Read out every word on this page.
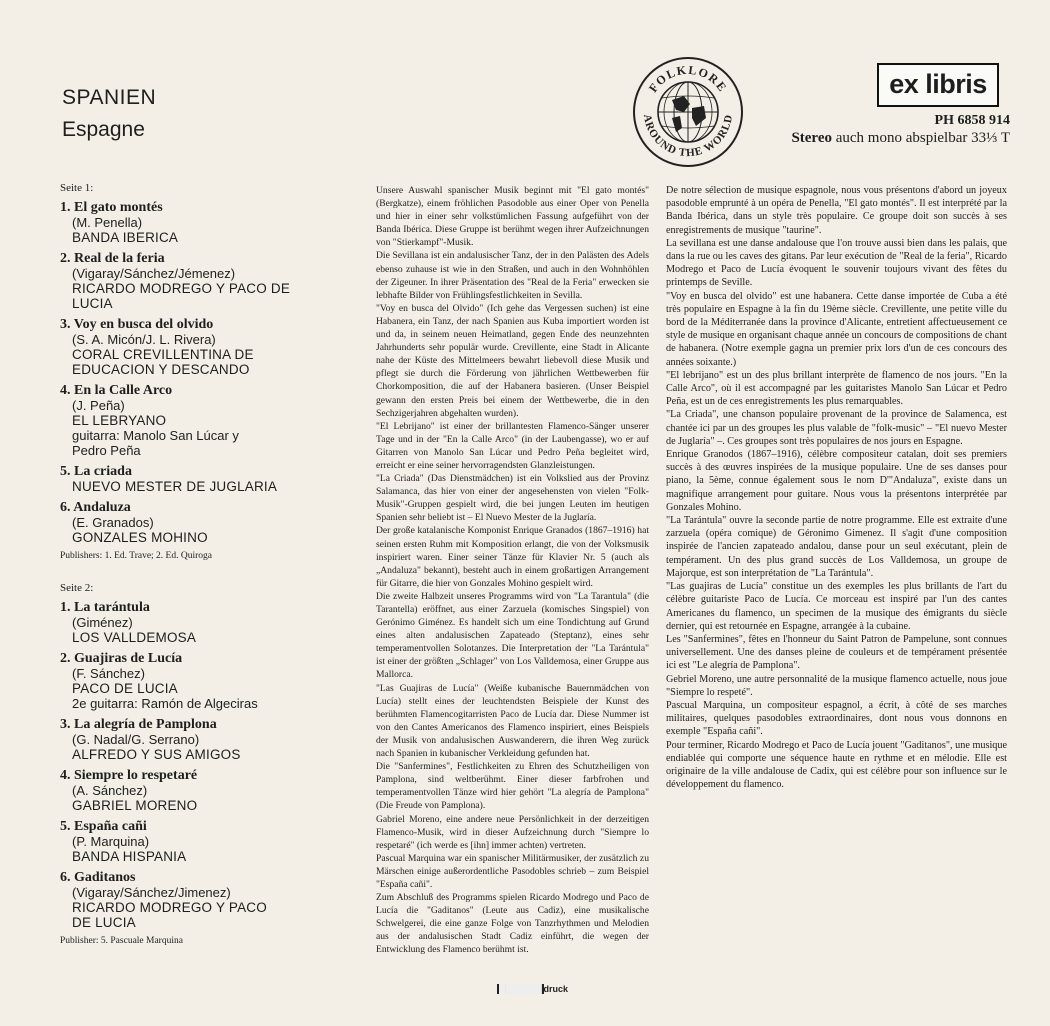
SPANIEN
Espagne
FOLKLORE
AROUND THE WORLD
ex libris
PH 6858 914
Stereo auch mono abspielbar 33⅓ T
Seite 1:
1. El gato montés
(M. Penella)
BANDA IBERICA
2. Real de la feria
(Vigaray/Sánchez/Jémenez)
RICARDO MODREGO Y PACO DE
LUCIA
3. Voy en busca del olvido
(S. A. Micón/J. L. Rivera)
CORAL CREVILLENTINA DE
EDUCACION Y DESCANDO
4. En la Calle Arco
(J. Peña)
EL LEBRYANO
guitarra: Manolo San Lúcar y
Pedro Peña
5. La criada
NUEVO MESTER DE JUGLARIA
6. Andaluza
(E. Granados)
GONZALES MOHINO
Publishers: 1. Ed. Trave; 2. Ed. Quiroga
Seite 2:
1. La tarántula
(Giménez)
LOS VALLDEMOSA
2. Guajiras de Lucía
(F. Sánchez)
PACO DE LUCIA
2e guitarra: Ramón de Algeciras
3. La alegría de Pamplona
(G. Nadal/G. Serrano)
ALFREDO Y SUS AMIGOS
4. Siempre lo respetaré
(A. Sánchez)
GABRIEL MORENO
5. España cañi
(P. Marquina)
BANDA HISPANIA
6. Gaditanos
(Vigaray/Sánchez/Jimenez)
RICARDO MODREGO Y PACO
DE LUCIA
Publisher: 5. Pascuale Marquina

Unsere Auswahl spanischer Musik beginnt mit "El gato montés" (Bergkatze), einem fröhlichen Pasodoble aus einer Oper von Penella und hier in einer sehr volkstümlichen Fassung aufgeführt von der Banda Ibérica. Diese Gruppe ist berühmt wegen ihrer Aufzeichnungen von "Stierkampf"-Musik.

Die Sevillana ist ein andalusischer Tanz, der in den Palästen des Adels ebenso zuhause ist wie in den Straßen, und auch in den Wohnhöhlen der Zigeuner. In ihrer Präsentation des "Real de la Feria" erwecken sie lebhafte Bilder von Frühlingsfestlichkeiten in Sevilla.

"Voy en busca del Olvido" (Ich gehe das Vergessen suchen) ist eine Habanera, ein Tanz, der nach Spanien aus Kuba importiert worden ist und da, in seinem neuen Heimatland, gegen Ende des neunzehnten Jahrhunderts sehr populär wurde. Crevillente, eine Stadt in Alicante nahe der Küste des Mittelmeers bewahrt liebevoll diese Musik und pflegt sie durch die Förderung von jährlichen Wettbewerben für Chorkomposition, die auf der Habanera basieren. (Unser Beispiel gewann den ersten Preis bei einem der Wettbewerbe, die in den Sechzigerjahren abgehalten wurden).

"El Lebrijano" ist einer der brillantesten Flamenco-Sänger unserer Tage und in der "En la Calle Arco" (in der Laubengasse), wo er auf Gitarren von Manolo San Lúcar und Pedro Peña begleitet wird, erreicht er eine seiner hervorragendsten Glanzleistungen.

"La Criada" (Das Dienstmädchen) ist ein Volkslied aus der Provinz Salamanca, das hier von einer der angesehensten von vielen "Folk-Musik"-Gruppen gespielt wird, die bei jungen Leuten im heutigen Spanien sehr beliebt ist – El Nuevo Mester de la Juglaría.

Der große katalanische Komponist Enrique Granados (1867–1916) hat seinen ersten Ruhm mit Komposition erlangt, die von der Volksmusik inspiriert waren. Einer seiner Tänze für Klavier Nr. 5 (auch als „Andaluza" bekannt), besteht auch in einem großartigen Arrangement für Gitarre, die hier von Gonzales Mohino gespielt wird.

Die zweite Halbzeit unseres Programms wird von "La Tarantula" (die Tarantella) eröffnet, aus einer Zarzuela (komisches Singspiel) von Gerónimo Giménez. Es handelt sich um eine Tondichtung auf Grund eines alten andalusischen Zapateado (Steptanz), eines sehr temperamentvollen Solotanzes. Die Interpretation der "La Tarántula" ist einer der größten „Schlager" von Los Valldemosa, einer Gruppe aus Mallorca.

"Las Guajiras de Lucía" (Weiße kubanische Bauernmädchen von Lucía) stellt eines der leuchtendsten Beispiele der Kunst des berühmten Flamencogitarristen Paco de Lucía dar. Diese Nummer ist von den Cantes Americanos des Flamenco inspiriert, eines Beispiels der Musik von andalusischen Auswanderern, die ihren Weg zurück nach Spanien in kubanischer Verkleidung gefunden hat.

Die "Sanfermines", Festlichkeiten zu Ehren des Schutzheiligen von Pamplona, sind weltberühmt. Einer dieser farbfrohen und temperamentvollen Tänze wird hier gehört "La alegría de Pamplona" (Die Freude von Pamplona).

Gabriel Moreno, eine andere neue Persönlichkeit in der derzeitigen Flamenco-Musik, wird in dieser Aufzeichnung durch "Siempre lo respetaré" (ich werde es [ihn] immer achten) vertreten.

Pascual Marquina war ein spanischer Militärmusiker, der zusätzlich zu Märschen einige außerordentliche Pasodobles schrieb – zum Beispiel "España cañi".

Zum Abschluß des Programms spielen Ricardo Modrego und Paco de Lucía die "Gaditanos" (Leute aus Cadiz), eine musikalische Schwelgerei, die eine ganze Folge von Tanzrhythmen und Melodien aus der andalusischen Stadt Cadiz einführt, die wegen der Entwicklung des Flamenco berühmt ist.

De notre sélection de musique espagnole, nous vous présentons d'abord un joyeux pasodoble emprunté à un opéra de Penella, "El gato montés". Il est interprété par la Banda Ibérica, dans un style très populaire. Ce groupe doit son succès à ses enregistrements de musique "taurine".

La sevillana est une danse andalouse que l'on trouve aussi bien dans les palais, que dans la rue ou les caves des gitans. Par leur exécution de "Real de la feria", Ricardo Modrego et Paco de Lucía évoquent le souvenir toujours vivant des fêtes du printemps de Seville.

"Voy en busca del olvido" est une habanera. Cette danse importée de Cuba a été très populaire en Espagne à la fin du 19ème siècle. Crevillente, une petite ville du bord de la Méditerranée dans la province d'Alicante, entretient affectueusement ce style de musique en organisant chaque année un concours de compositions de chant de habanera. (Notre exemple gagna un premier prix lors d'un de ces concours des années soixante.)

"El lebrijano" est un des plus brillant interprète de flamenco de nos jours. "En la Calle Arco", où il est accompagné par les guitaristes Manolo San Lúcar et Pedro Peña, est un de ces enregistrements les plus remarquables.

"La Criada", une chanson populaire provenant de la province de Salamenca, est chantée ici par un des groupes les plus valable de "folk-music" – "El nuevo Mester de Juglaría" –. Ces groupes sont très populaires de nos jours en Espagne.

Enrique Granodos (1867–1916), célèbre compositeur catalan, doit ses premiers succès à des œuvres inspirées de la musique populaire. Une de ses danses pour piano, la 5ème, connue également sous le nom D'"Andaluza", existe dans un magnifique arrangement pour guitare. Nous vous la présentons interprétée par Gonzales Mohino.

"La Tarántula" ouvre la seconde partie de notre programme. Elle est extraite d'une zarzuela (opéra comique) de Géronimo Gimenez. Il s'agit d'une composition inspirée de l'ancien zapateado andalou, danse pour un seul exécutant, plein de tempérament. Un des plus grand succès de Los Valldemosa, un groupe de Majorque, est son interprétation de "La Tarántula".

"Las guajiras de Lucía" constitue un des exemples les plus brillants de l'art du célèbre guitariste Paco de Lucía. Ce morceau est inspiré par l'un des cantes Americanes du flamenco, un specimen de la musique des émigrants du siècle dernier, qui est retournée en Espagne, arrangée à la cubaine.

Les "Sanfermines", fêtes en l'honneur du Saint Patron de Pampelune, sont connues universellement. Une des danses pleine de couleurs et de tempérament présentée ici est "Le alegría de Pamplona".

Gebriel Moreno, une autre personnalité de la musique flamenco actuelle, nous joue "Siempre lo respeté".

Pascual Marquina, un compositeur espagnol, a écrit, à côté de ses marches militaires, quelques pasodobles extraordinaires, dont nous vous donnons en exemple "España cañi".

Pour terminer, Ricardo Modrego et Paco de Lucía jouent "Gaditanos", une musique endiablée qui comporte une séquence haute en rythme et en mélodie. Elle est originaire de la ville andalouse de Cadix, qui est célèbre pour son influence sur le développement du flamenco.

███████ druck
